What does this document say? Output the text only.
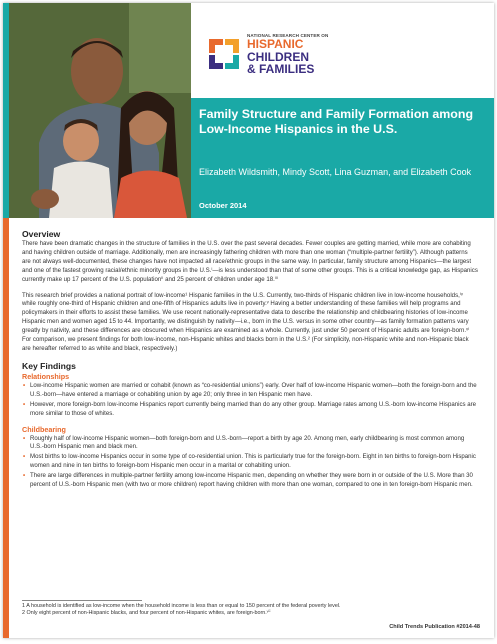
NATIONAL RESEARCH CENTER ON
HISPANIC
CHILDREN
& FAMILIES
Family Structure and Family Formation among Low-Income Hispanics in the U.S.
Elizabeth Wildsmith, Mindy Scott, Lina Guzman, and Elizabeth Cook
October 2014
Overview

There have been dramatic changes in the structure of families in the U.S. over the past several decades. Fewer couples are getting married, while more are cohabiting and having children outside of marriage. Additionally, men are increasingly fathering children with more than one woman (“multiple-partner fertility”). Although patterns are not always well-documented, these changes have not impacted all race/ethnic groups in the same way. In particular, family structure among Hispanics—the largest and one of the fastest growing racial/ethnic minority groups in the U.S.ⁱ—is less understood than that of some other groups. This is a critical knowledge gap, as Hispanics currently make up 17 percent of the U.S. populationⁱⁱ and 25 percent of children under age 18.ⁱⁱⁱ

This research brief provides a national portrait of low-income¹ Hispanic families in the U.S. Currently, two-thirds of Hispanic children live in low-income households,ⁱᵛ while roughly one-third of Hispanic children and one-fifth of Hispanics adults live in poverty.ᵛ Having a better understanding of these families will help programs and policymakers in their efforts to assist these families. We use recent nationally-representative data to describe the relationship and childbearing histories of low-income Hispanic men and women aged 15 to 44. Importantly, we distinguish by nativity—i.e., born in the U.S. versus in some other country—as family formation patterns vary greatly by nativity, and these differences are obscured when Hispanics are examined as a whole. Currently, just under 50 percent of Hispanic adults are foreign-born.ᵛⁱ For comparison, we present findings for both low-income, non-Hispanic whites and blacks born in the U.S.² (For simplicity, non-Hispanic white and non-Hispanic black are hereafter referred to as white and black, respectively.)

Key Findings
Relationships
• Low-income Hispanic women are married or cohabit (known as “co-residential unions”) early. Over half of low-income Hispanic women—both the foreign-born and the U.S.-born—have entered a marriage or cohabiting union by age 20; only three in ten Hispanic men have.
• However, more foreign-born low-income Hispanics report currently being married than do any other group. Marriage rates among U.S.-born low-income Hispanics are more similar to those of whites.
Childbearing
• Roughly half of low-income Hispanic women—both foreign-born and U.S.-born—report a birth by age 20. Among men, early childbearing is most common among U.S.-born Hispanic men and black men.
• Most births to low-income Hispanics occur in some type of co-residential union. This is particularly true for the foreign-born. Eight in ten births to foreign-born Hispanic women and nine in ten births to foreign-born Hispanic men occur in a marital or cohabiting union.
• There are large differences in multiple-partner fertility among low-income Hispanic men, depending on whether they were born in or outside of the U.S. More than 30 percent of U.S.-born Hispanic men (with two or more children) report having children with more than one woman, compared to one in ten foreign-born Hispanic men.
1 A household is identified as low-income when the household income is less than or equal to 150 percent of the federal poverty level.
2 Only eight percent of non-Hispanic blacks, and four percent of non-Hispanic whites, are foreign-born.ᵛⁱⁱ
Child Trends Publication #2014-48
